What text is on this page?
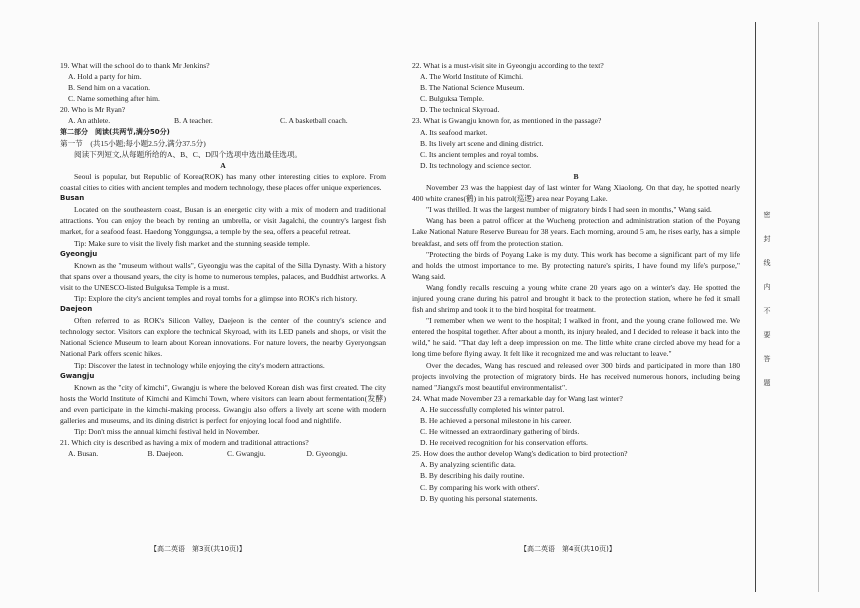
19. What will the school do to thank Mr Jenkins?

A. Hold a party for him.

B. Send him on a vacation.

C. Name something after him.

20. Who is Mr Ryan?

A. An athlete.	B. A teacher.	C. A basketball coach.

第二部分　阅读(共两节,满分50分)

第一节　(共15小题;每小题2.5分,满分37.5分)

阅读下列短文,从每题所给的A、B、C、D四个选项中选出最佳选项。

A

Seoul is popular, but Republic of Korea(ROK) has many other interesting cities to explore. From coastal cities to cities with ancient temples and modern technology, these places offer unique experiences.

Busan

Located on the southeastern coast, Busan is an energetic city with a mix of modern and traditional attractions. You can enjoy the beach by renting an umbrella, or visit Jagalchi, the country's largest fish market, for a seafood feast. Haedong Yonggungsa, a temple by the sea, offers a peaceful retreat.

Tip: Make sure to visit the lively fish market and the stunning seaside temple.

Gyeongju

Known as the "museum without walls", Gyeongju was the capital of the Silla Dynasty. With a history that spans over a thousand years, the city is home to numerous temples, palaces, and Buddhist artworks. A visit to the UNESCO-listed Bulguksa Temple is a must.

Tip: Explore the city's ancient temples and royal tombs for a glimpse into ROK's rich history.

Daejeon

Often referred to as ROK's Silicon Valley, Daejeon is the center of the country's science and technology sector. Visitors can explore the technical Skyroad, with its LED panels and shops, or visit the National Science Museum to learn about Korean innovations. For nature lovers, the nearby Gyeryongsan National Park offers scenic hikes.

Tip: Discover the latest in technology while enjoying the city's modern attractions.

Gwangju

Known as the "city of kimchi", Gwangju is where the beloved Korean dish was first created. The city hosts the World Institute of Kimchi and Kimchi Town, where visitors can learn about fermentation(发酵) and even participate in the kimchi-making process. Gwangju also offers a lively art scene with modern galleries and museums, and its dining district is perfect for enjoying local food and nightlife.

Tip: Don't miss the annual kimchi festival held in November.

21. Which city is described as having a mix of modern and traditional attractions?

A. Busan.	B. Daejeon.	C. Gwangju.	D. Gyeongju.

22. What is a must-visit site in Gyeongju according to the text?

A. The World Institute of Kimchi.

B. The National Science Museum.

C. Bulguksa Temple.

D. The technical Skyroad.

23. What is Gwangju known for, as mentioned in the passage?

A. Its seafood market.

B. Its lively art scene and dining district.

C. Its ancient temples and royal tombs.

D. Its technology and science sector.

B

November 23 was the happiest day of last winter for Wang Xiaolong. On that day, he spotted nearly 400 white cranes(鹤) in his patrol(巡逻) area near Poyang Lake.

"I was thrilled. It was the largest number of migratory birds I had seen in months," Wang said.

Wang has been a patrol officer at the Wucheng protection and administration station of the Poyang Lake National Nature Reserve Bureau for 38 years. Each morning, around 5 am, he rises early, has a simple breakfast, and sets off from the protection station.

"Protecting the birds of Poyang Lake is my duty. This work has become a significant part of my life and holds the utmost importance to me. By protecting nature's spirits, I have found my life's purpose," Wang said.

Wang fondly recalls rescuing a young white crane 20 years ago on a winter's day. He spotted the injured young crane during his patrol and brought it back to the protection station, where he fed it small fish and shrimp and took it to the bird hospital for treatment.

"I remember when we went to the hospital; I walked in front, and the young crane followed me. We entered the hospital together. After about a month, its injury healed, and I decided to release it back into the wild," he said. "That day left a deep impression on me. The little white crane circled above my head for a long time before flying away. It felt like it recognized me and was reluctant to leave."

Over the decades, Wang has rescued and released over 300 birds and participated in more than 180 projects involving the protection of migratory birds. He has received numerous honors, including being named "Jiangxi's most beautiful environmentalist".

24. What made November 23 a remarkable day for Wang last winter?

A. He successfully completed his winter patrol.

B. He achieved a personal milestone in his career.

C. He witnessed an extraordinary gathering of birds.

D. He received recognition for his conservation efforts.

25. How does the author develop Wang's dedication to bird protection?

A. By analyzing scientific data.

B. By describing his daily routine.

C. By comparing his work with others'.

D. By quoting his personal statements.

【高二英语　第3页(共10页)】	【高二英语　第4页(共10页)】
密
封
线
内
不
要
答
题
